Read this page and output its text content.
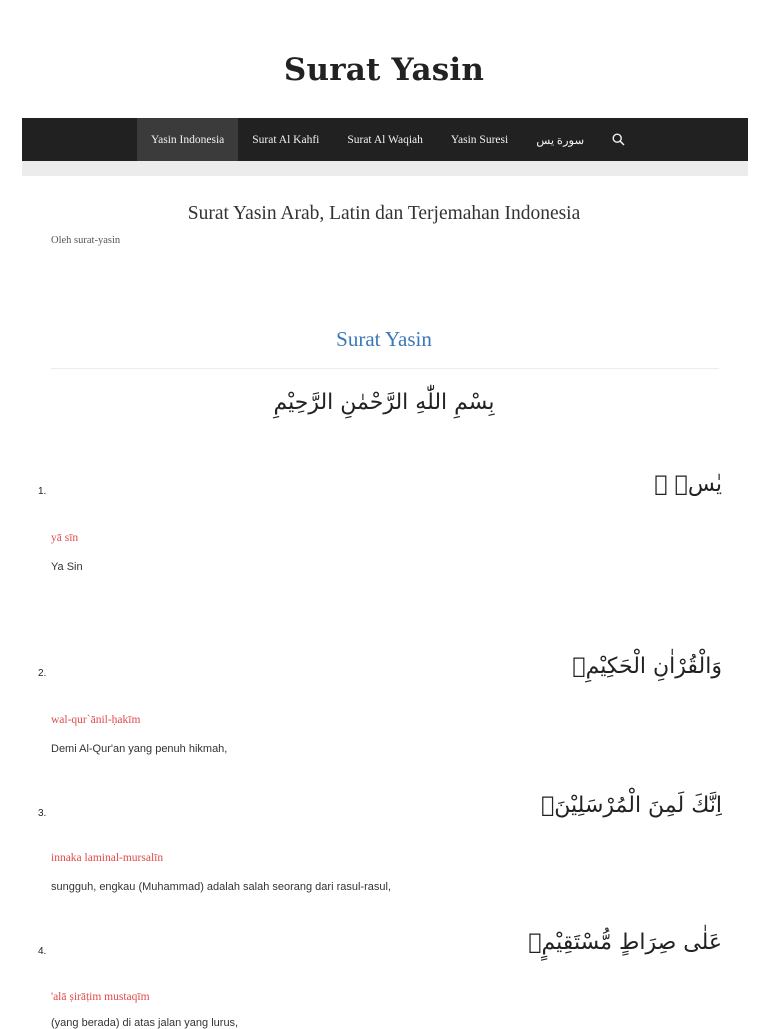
Surat Yasin
Yasin Indonesia	Surat Al Kahfi	Surat Al Waqiah	Yasin Suresi	سورة يس
Surat Yasin Arab, Latin dan Terjemahan Indonesia
Oleh surat-yasin
Surat Yasin
بِسْمِ اللّٰهِ الرَّحْمٰنِ الرَّحِيْمِ
1.	يٰسۤ ۚ
yā sīn
Ya Sin
2.	وَالْقُرْاٰنِ الْحَكِيْمِۙ
wal-qur`ānil-ḥakīm
Demi Al-Qur'an yang penuh hikmah,
3.	اِنَّكَ لَمِنَ الْمُرْسَلِيْنَۙ
innaka laminal-mursalīn
sungguh, engkau (Muhammad) adalah salah seorang dari rasul-rasul,
4.	عَلٰى صِرَاطٍ مُّسْتَقِيْمٍۗ
'alā ṣirāṭim mustaqīm
(yang berada) di atas jalan yang lurus,
